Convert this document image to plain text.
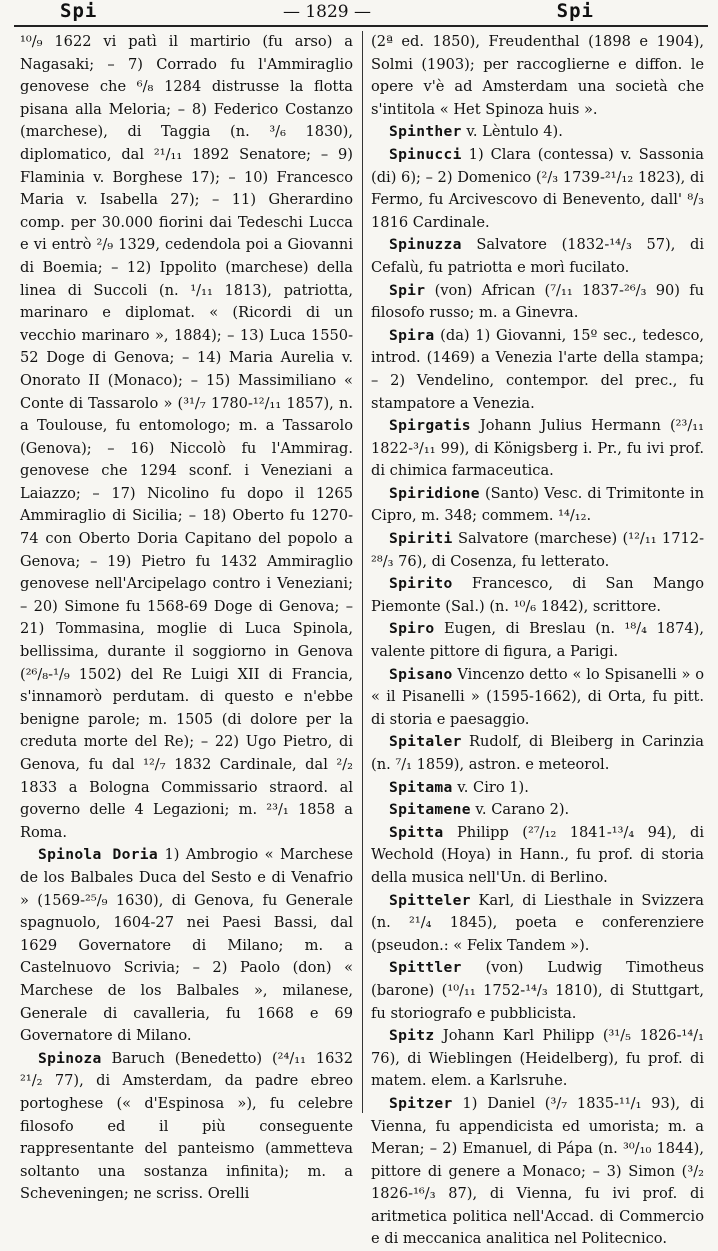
Spi	— 1829 —	Spi

¹⁰/₉ 1622 vi patì il martirio (fu arso) a Nagasaki; – 7) Corrado fu l'Ammiraglio genovese che ⁶/₈ 1284 distrusse la flotta pisana alla Meloria; – 8) Federico Costanzo (marchese), di Taggia (n. ³/₆ 1830), diplomatico, dal ²¹/₁₁ 1892 Senatore; – 9) Flaminia v. Borghese 17); – 10) Francesco Maria v. Isabella 27); – 11) Gherardino comp. per 30.000 fiorini dai Tedeschi Lucca e vi entrò ²/₉ 1329, cedendola poi a Giovanni di Boemia; – 12) Ippolito (marchese) della linea di Succoli (n. ¹/₁₁ 1813), patriotta, marinaro e diplomat. « (Ricordi di un vecchio marinaro », 1884); – 13) Luca 1550-52 Doge di Genova; – 14) Maria Aurelia v. Onorato II (Monaco); – 15) Massimiliano « Conte di Tassarolo » (³¹/₇ 1780-¹²/₁₁ 1857), n. a Toulouse, fu entomologo; m. a Tassarolo (Genova); – 16) Niccolò fu l'Ammirag. genovese che 1294 sconf. i Veneziani a Laiazzo; – 17) Nicolino fu dopo il 1265 Ammiraglio di Sicilia; – 18) Oberto fu 1270-74 con Oberto Doria Capitano del popolo a Genova; – 19) Pietro fu 1432 Ammiraglio genovese nell'Arcipelago contro i Veneziani; – 20) Simone fu 1568-69 Doge di Genova; – 21) Tommasina, moglie di Luca Spinola, bellissima, durante il soggiorno in Genova (²⁶/₈-¹/₉ 1502) del Re Luigi XII di Francia, s'innamorò perdutam. di questo e n'ebbe benigne parole; m. 1505 (di dolore per la creduta morte del Re); – 22) Ugo Pietro, di Genova, fu dal ¹²/₇ 1832 Cardinale, dal ²/₂ 1833 a Bologna Commissario straord. al governo delle 4 Legazioni; m. ²³/₁ 1858 a Roma.

Spinola Doria 1) Ambrogio « Marchese de los Balbales Duca del Sesto e di Venafrio » (1569-²⁵/₉ 1630), di Genova, fu Generale spagnuolo, 1604-27 nei Paesi Bassi, dal 1629 Governatore di Milano; m. a Castelnuovo Scrivia; – 2) Paolo (don) « Marchese de los Balbales », milanese, Generale di cavalleria, fu 1668 e 69 Governatore di Milano.

Spinoza Baruch (Benedetto) (²⁴/₁₁ 1632 ²¹/₂ 77), di Amsterdam, da padre ebreo portoghese (« d'Espinosa »), fu celebre filosofo ed il più conseguente rappresentante del panteismo (ammetteva soltanto una sostanza infinita); m. a Scheveningen; ne scriss. Orelli

(2ª ed. 1850), Freudenthal (1898 e 1904), Solmi (1903); per raccoglierne e diffon. le opere v'è ad Amsterdam una società che s'intitola « Het Spinoza huis ».

Spinther v. Lèntulo 4).

Spinucci 1) Clara (contessa) v. Sassonia (di) 6); – 2) Domenico (²/₃ 1739-²¹/₁₂ 1823), di Fermo, fu Arcivescovo di Benevento, dall' ⁸/₃ 1816 Cardinale.

Spinuzza Salvatore (1832-¹⁴/₃ 57), di Cefalù, fu patriotta e morì fucilato.

Spir (von) African (⁷/₁₁ 1837-²⁶/₃ 90) fu filosofo russo; m. a Ginevra.

Spira (da) 1) Giovanni, 15º sec., tedesco, introd. (1469) a Venezia l'arte della stampa; – 2) Vendelino, contempor. del prec., fu stampatore a Venezia.

Spirgatis Johann Julius Hermann (²³/₁₁ 1822-³/₁₁ 99), di Königsberg i. Pr., fu ivi prof. di chimica farmaceutica.

Spiridione (Santo) Vesc. di Trimitonte in Cipro, m. 348; commem. ¹⁴/₁₂.

Spiriti Salvatore (marchese) (¹²/₁₁ 1712-²⁸/₃ 76), di Cosenza, fu letterato.

Spirito Francesco, di San Mango Piemonte (Sal.) (n. ¹⁰/₆ 1842), scrittore.

Spiro Eugen, di Breslau (n. ¹⁸/₄ 1874), valente pittore di figura, a Parigi.

Spisano Vincenzo detto « lo Spisanelli » o « il Pisanelli » (1595-1662), di Orta, fu pitt. di storia e paesaggio.

Spitaler Rudolf, di Bleiberg in Carinzia (n. ⁷/₁ 1859), astron. e meteorol.

Spitama v. Ciro 1).

Spitamene v. Carano 2).

Spitta Philipp (²⁷/₁₂ 1841-¹³/₄ 94), di Wechold (Hoya) in Hann., fu prof. di storia della musica nell'Un. di Berlino.

Spitteler Karl, di Liesthale in Svizzera (n. ²¹/₄ 1845), poeta e conferenziere (pseudon.: « Felix Tandem »).

Spittler (von) Ludwig Timotheus (barone) (¹⁰/₁₁ 1752-¹⁴/₃ 1810), di Stuttgart, fu storiografo e pubblicista.

Spitz Johann Karl Philipp (³¹/₅ 1826-¹⁴/₁ 76), di Wieblingen (Heidelberg), fu prof. di matem. elem. a Karlsruhe.

Spitzer 1) Daniel (³/₇ 1835-¹¹/₁ 93), di Vienna, fu appendicista ed umorista; m. a Meran; – 2) Emanuel, di Pápa (n. ³⁰/₁₀ 1844), pittore di genere a Monaco; – 3) Simon (³/₂ 1826-¹⁶/₃ 87), di Vienna, fu ivi prof. di aritmetica politica nell'Accad. di Commercio e di meccanica analitica nel Politecnico.
